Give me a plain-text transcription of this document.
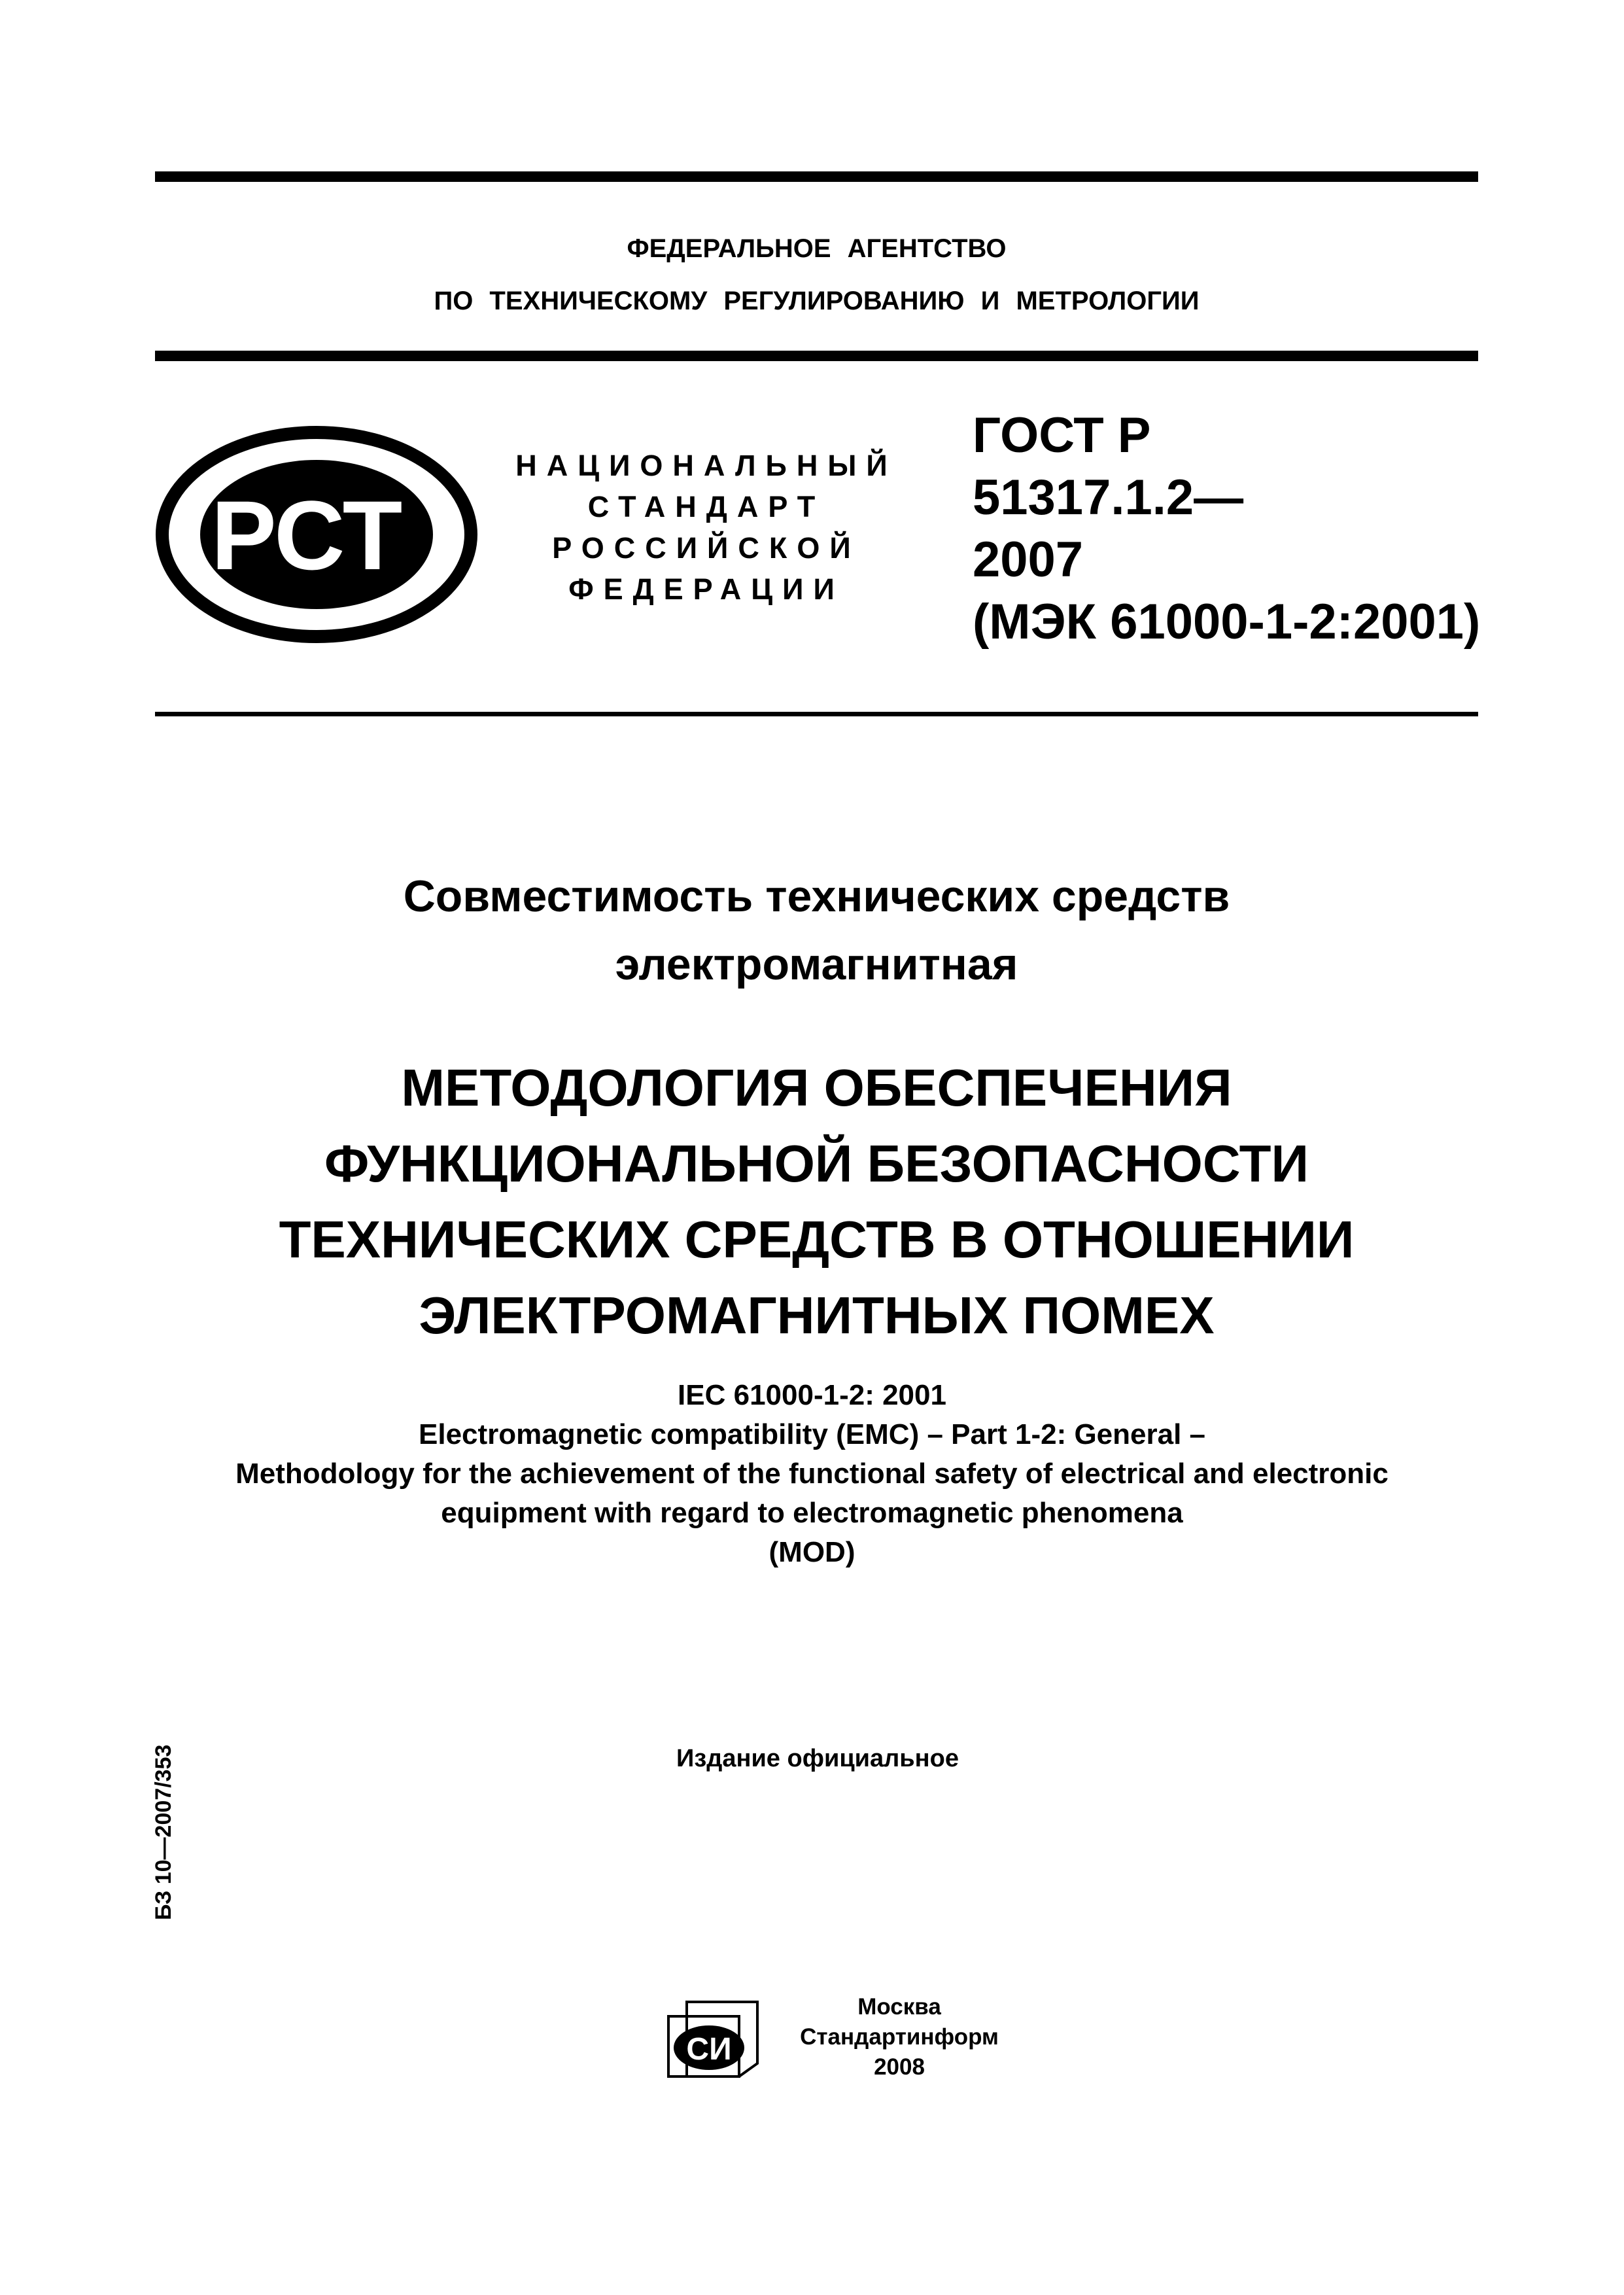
ФЕДЕРАЛЬНОЕ АГЕНТСТВО
ПО ТЕХНИЧЕСКОМУ РЕГУЛИРОВАНИЮ И МЕТРОЛОГИИ
РСТ
НАЦИОНАЛЬНЫЙ
СТАНДАРТ
РОССИЙСКОЙ
ФЕДЕРАЦИИ
ГОСТ Р
51317.1.2—
2007
(МЭК 61000-1-2:2001)
Совместимость технических средств
электромагнитная
МЕТОДОЛОГИЯ ОБЕСПЕЧЕНИЯ
ФУНКЦИОНАЛЬНОЙ БЕЗОПАСНОСТИ
ТЕХНИЧЕСКИХ СРЕДСТВ В ОТНОШЕНИИ
ЭЛЕКТРОМАГНИТНЫХ ПОМЕХ
IEC 61000-1-2: 2001
Electromagnetic compatibility (EMC) – Part 1-2: General –
Methodology for the achievement of the functional safety of electrical and electronic
equipment with regard to electromagnetic phenomena
(MOD)
Издание официальное
БЗ 10—2007/353
СИ
Москва
Стандартинформ
2008
